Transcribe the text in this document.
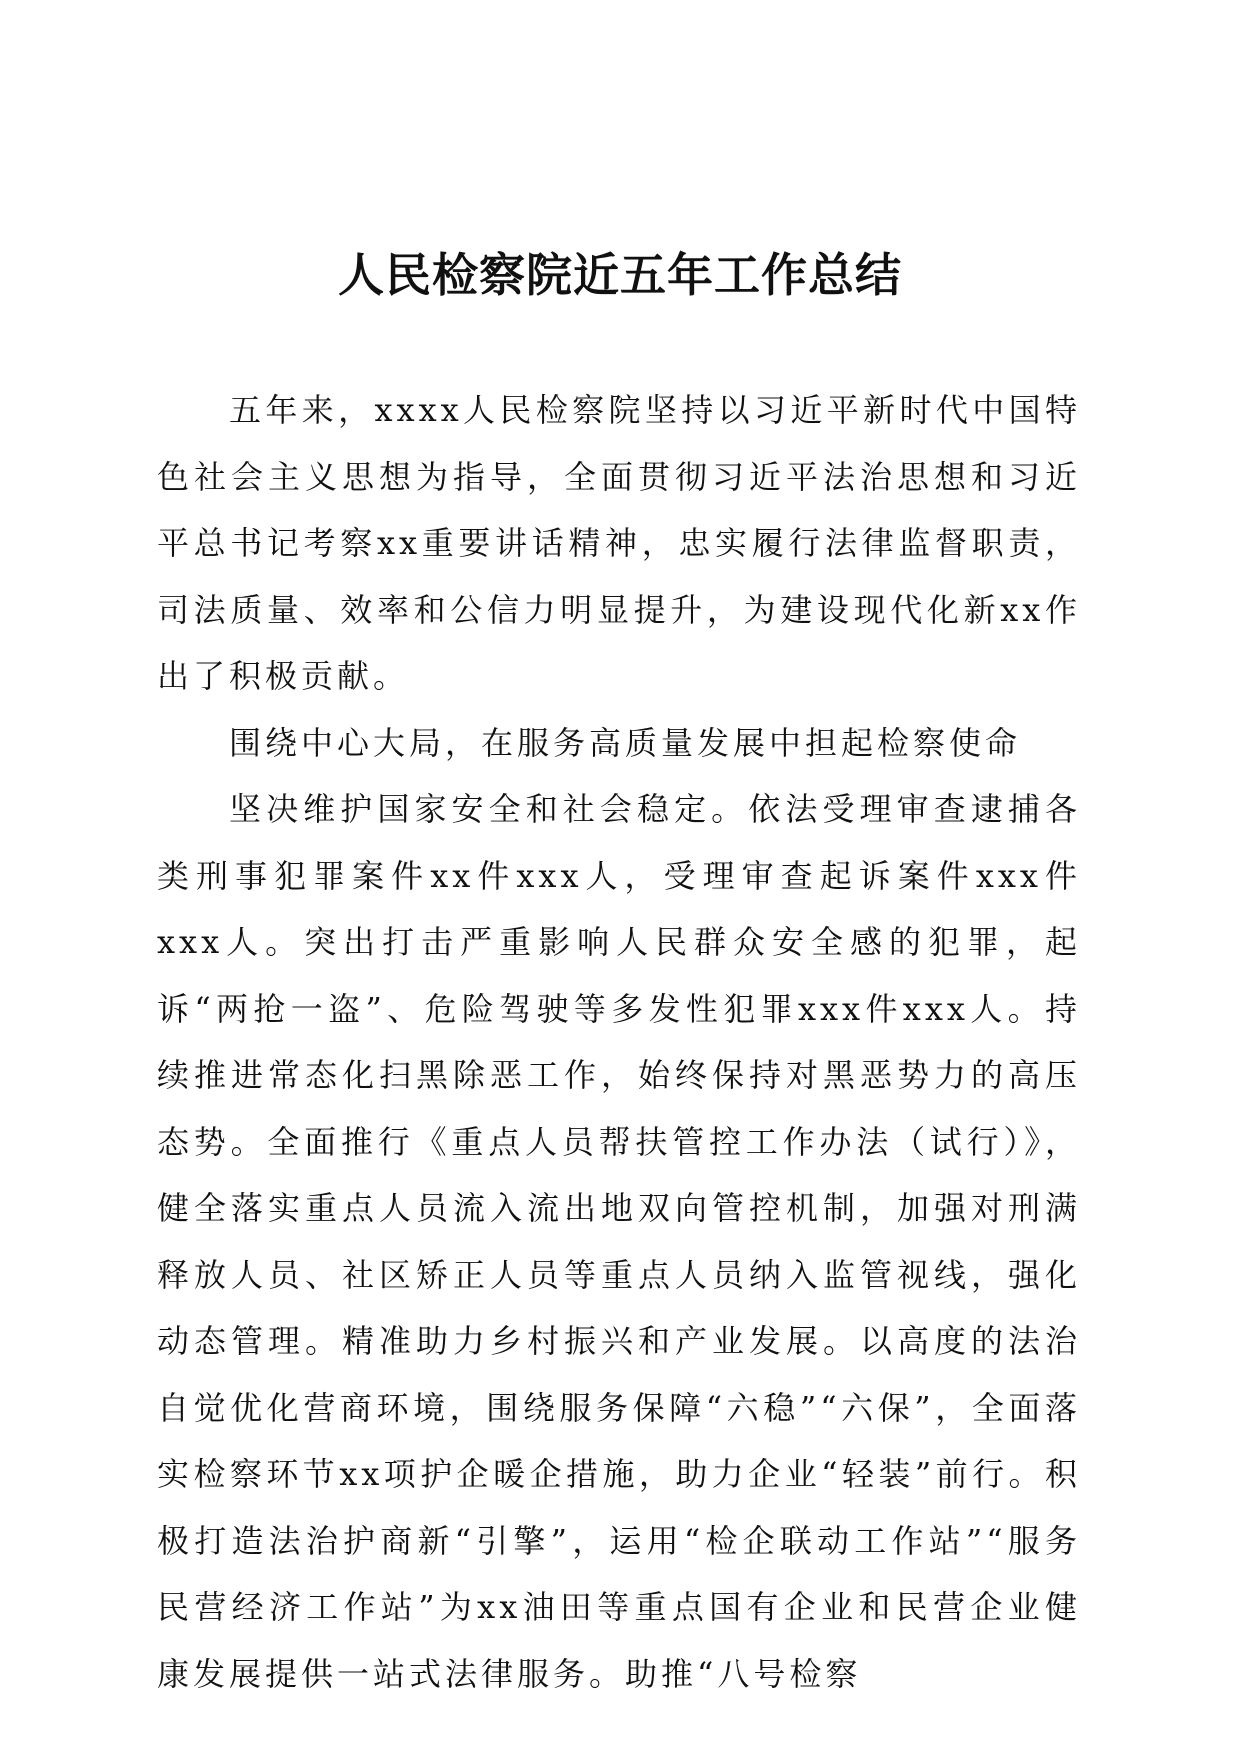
人民检察院近五年工作总结

五年来，xxxx人民检察院坚持以习近平新时代中国特色社会主义思想为指导，全面贯彻习近平法治思想和习近平总书记考察xx重要讲话精神，忠实履行法律监督职责，司法质量、效率和公信力明显提升，为建设现代化新xx作出了积极贡献。

围绕中心大局，在服务高质量发展中担起检察使命

坚决维护国家安全和社会稳定。依法受理审查逮捕各类刑事犯罪案件xx件xxx人，受理审查起诉案件xxx件xxx人。突出打击严重影响人民群众安全感的犯罪，起诉“两抢一盗”、危险驾驶等多发性犯罪xxx件xxx人。持续推进常态化扫黑除恶工作，始终保持对黑恶势力的高压态势。全面推行《重点人员帮扶管控工作办法（试行）》，健全落实重点人员流入流出地双向管控机制，加强对刑满释放人员、社区矫正人员等重点人员纳入监管视线，强化动态管理。精准助力乡村振兴和产业发展。以高度的法治自觉优化营商环境，围绕服务保障“六稳”“六保”，全面落实检察环节xx项护企暖企措施，助力企业“轻装”前行。积极打造法治护商新“引擎”，运用“检企联动工作站”“服务民营经济工作站”为xx油田等重点国有企业和民营企业健康发展提供一站式法律服务。助推“八号检察
